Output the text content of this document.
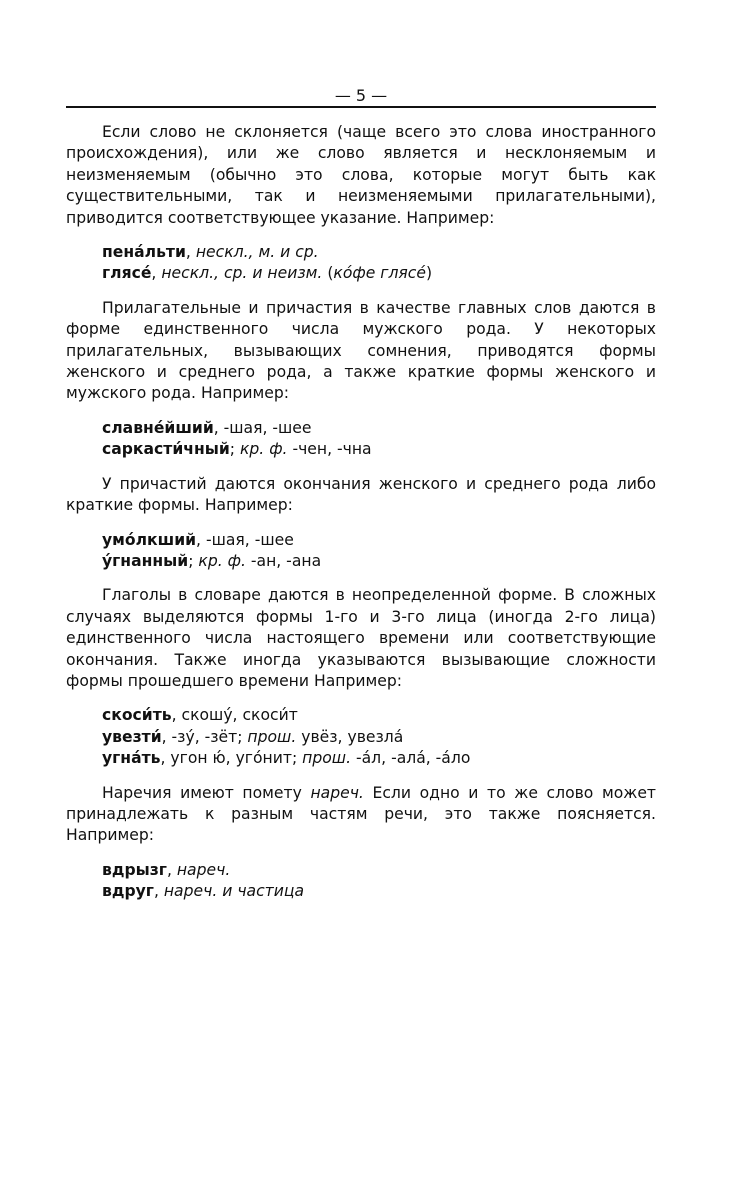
— 5 —

Если слово не склоняется (чаще всего это слова иностранного происхождения), или же слово является и несклоняемым и неизменяемым (обычно это слова, которые могут быть как существительными, так и неизменяемыми прилагательными), приводится соответствующее указание. Например:

пена́льти, нескл., м. и ср.
глясе́, нескл., ср. и неизм. (ко́фе глясе́)

Прилагательные и причастия в качестве главных слов даются в форме единственного числа мужского рода. У некоторых прилагательных, вызывающих сомнения, приводятся формы женского и среднего рода, а также краткие формы женского и мужского рода. Например:

славне́йший, -шая, -шее
саркасти́чный; кр. ф. -чен, -чна

У причастий даются окончания женского и среднего рода либо краткие формы. Например:

умо́лкший, -шая, -шее
у́гнанный; кр. ф. -ан, -ана

Глаголы в словаре даются в неопределенной форме. В сложных случаях выделяются формы 1-го и 3-го лица (иногда 2-го лица) единственного числа настоящего времени или соответствующие окончания. Также иногда указываются вызывающие сложности формы прошедшего времени Например:

скоси́ть, скошу́, скоси́т
увезти́, -зу́, -зёт; прош. увёз, увезла́
угна́ть, угон ю́, уго́нит; прош. -а́л, -ала́, -а́ло

Наречия имеют помету нареч. Если одно и то же слово может принадлежать к разным частям речи, это также поясняется. Например:

вдрызг, нареч.
вдруг, нареч. и частица
